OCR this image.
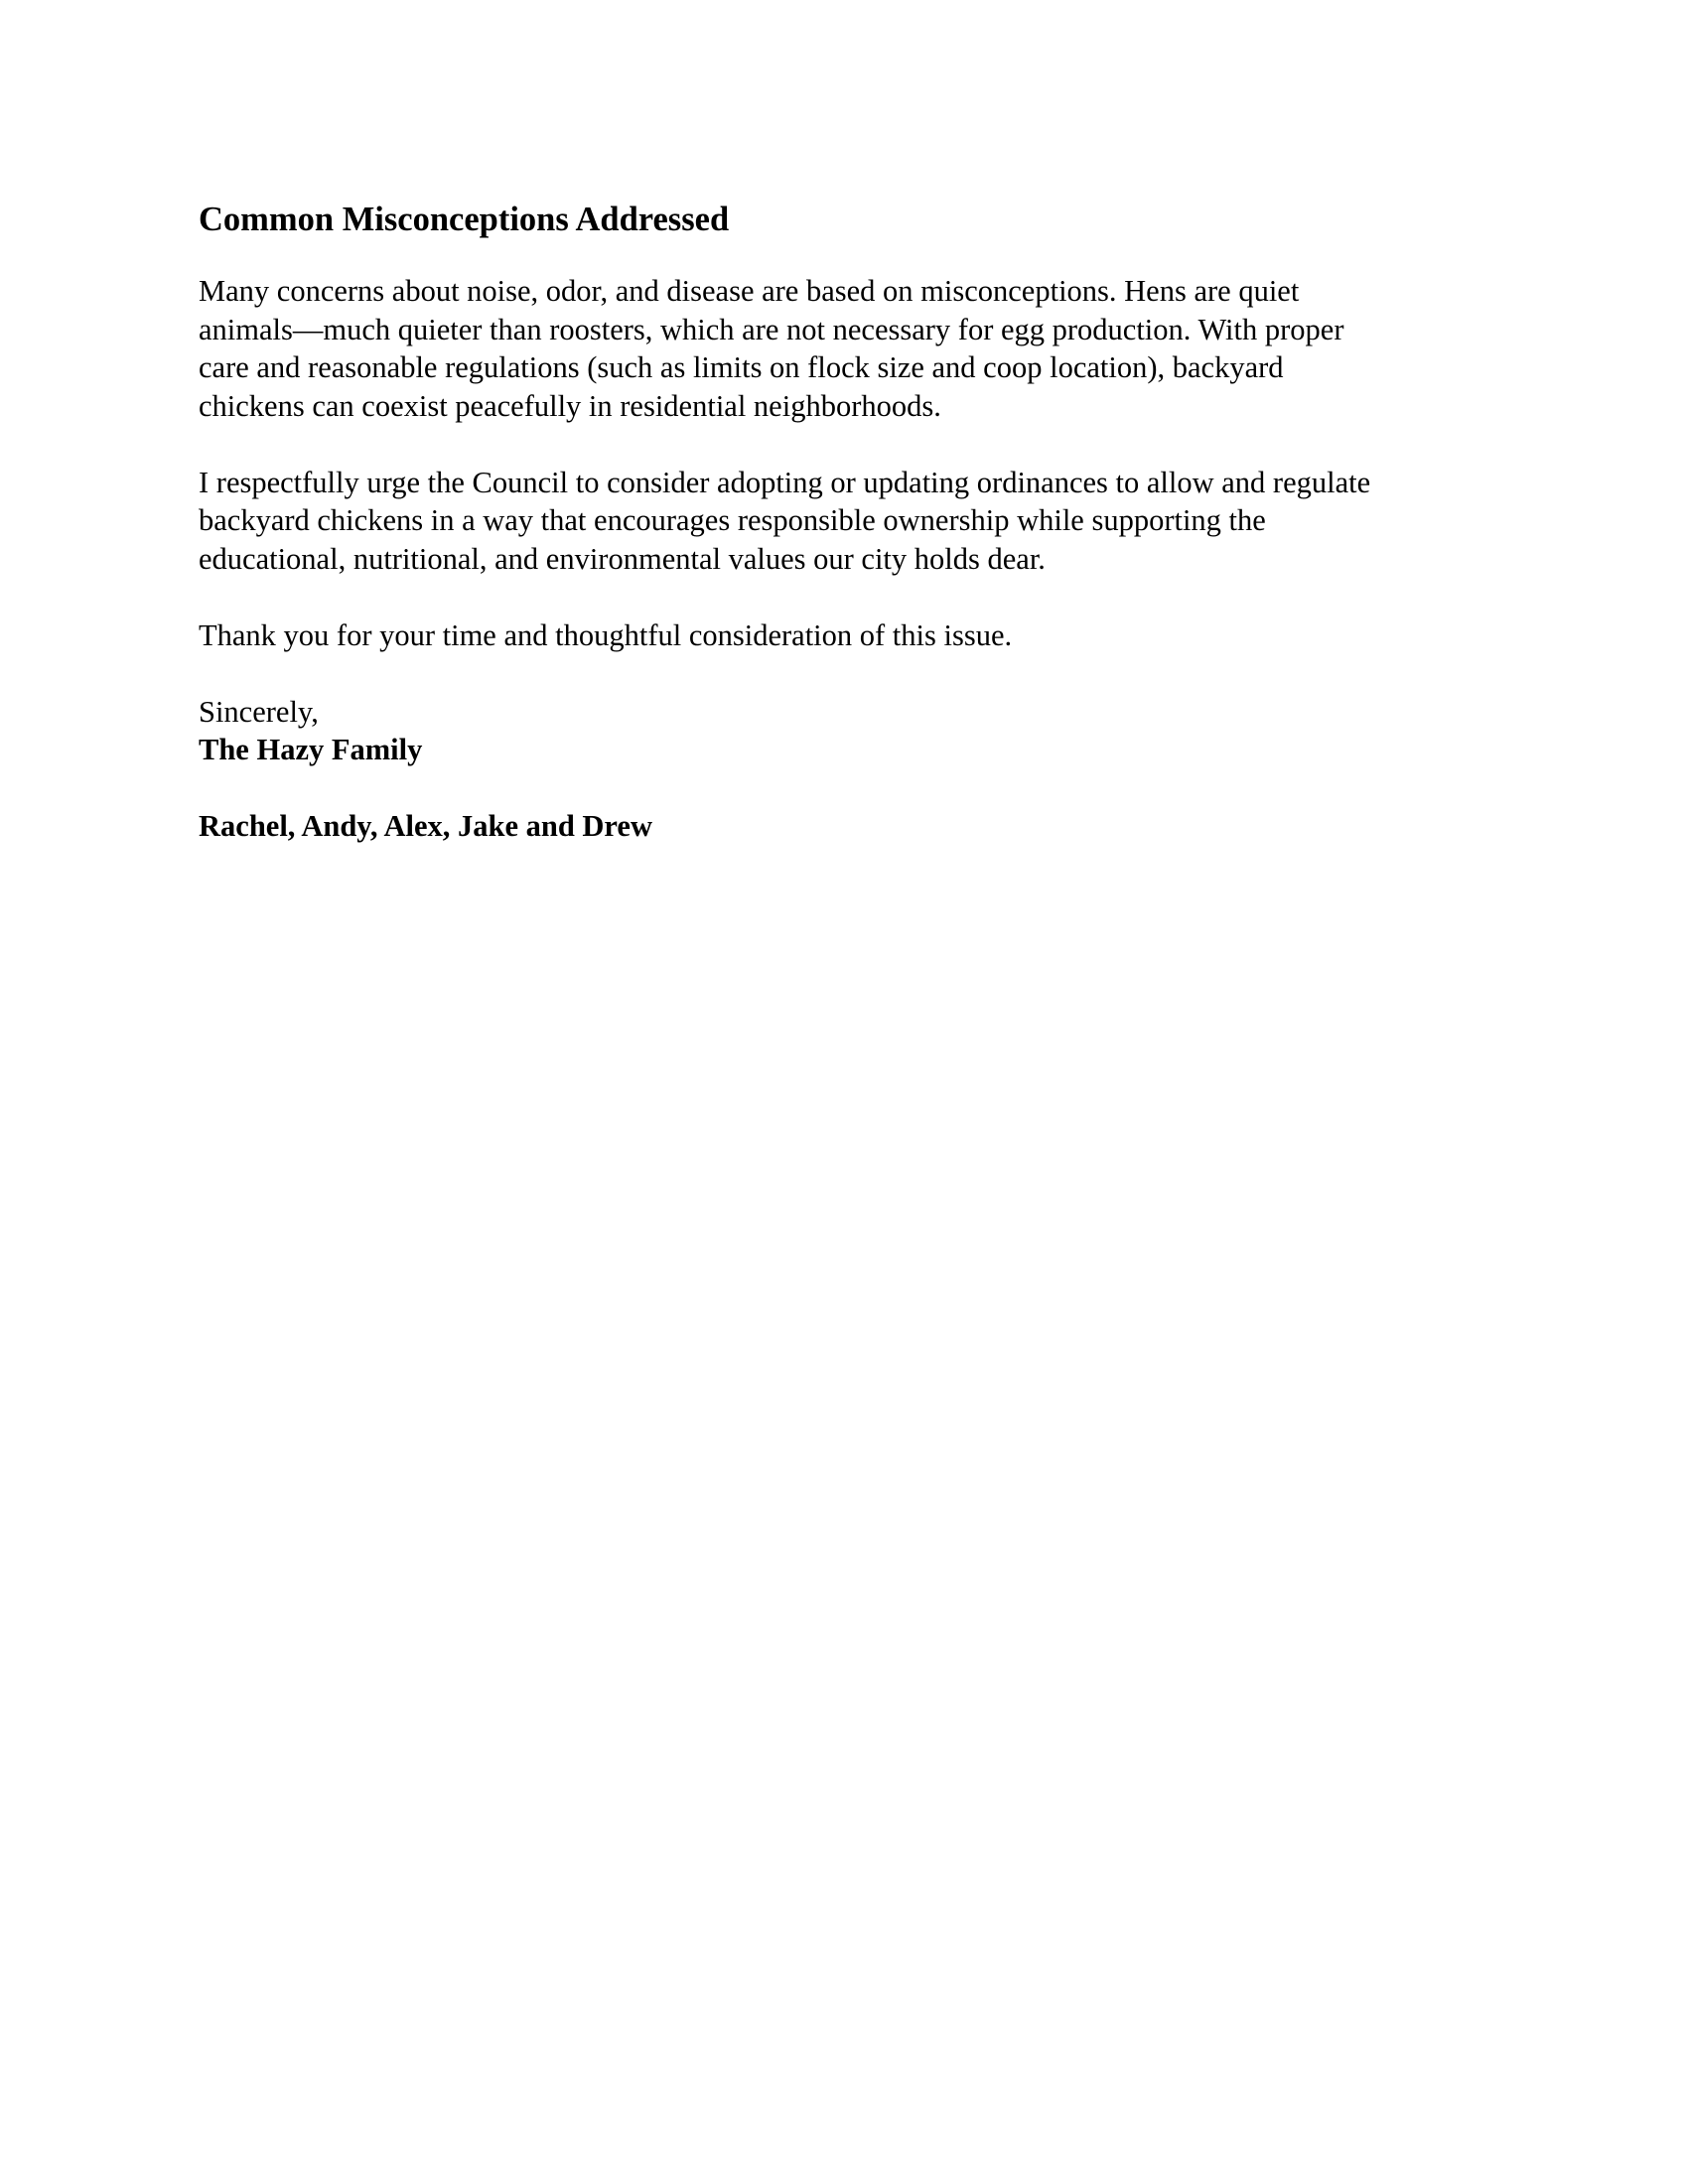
Common Misconceptions Addressed

Many concerns about noise, odor, and disease are based on misconceptions. Hens are quiet
animals—much quieter than roosters, which are not necessary for egg production. With proper
care and reasonable regulations (such as limits on flock size and coop location), backyard
chickens can coexist peacefully in residential neighborhoods.

I respectfully urge the Council to consider adopting or updating ordinances to allow and regulate
backyard chickens in a way that encourages responsible ownership while supporting the
educational, nutritional, and environmental values our city holds dear.

Thank you for your time and thoughtful consideration of this issue.

Sincerely,
The Hazy Family

Rachel, Andy, Alex, Jake and Drew
